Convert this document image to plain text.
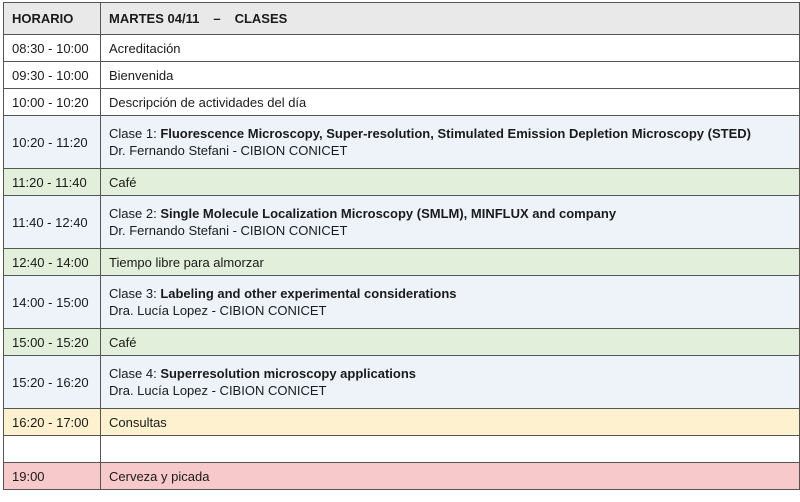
HORARIO	MARTES 04/11 – CLASES
08:30 - 10:00	Acreditación
09:30 - 10:00	Bienvenida
10:00 - 10:20	Descripción de actividades del día
10:20 - 11:20	Clase 1: Fluorescence Microscopy, Super-resolution, Stimulated Emission Depletion Microscopy (STED)
Dr. Fernando Stefani - CIBION CONICET

11:20 - 11:40	Café
11:40 - 12:40	Clase 2: Single Molecule Localization Microscopy (SMLM), MINFLUX and company
Dr. Fernando Stefani - CIBION CONICET

12:40 - 14:00	Tiempo libre para almorzar
14:00 - 15:00	Clase 3: Labeling and other experimental considerations
Dra. Lucía Lopez - CIBION CONICET

15:00 - 15:20	Café
15:20 - 16:20	Clase 4: Superresolution microscopy applications
Dra. Lucía Lopez - CIBION CONICET

16:20 - 17:00	Consultas

19:00	Cerveza y picada
